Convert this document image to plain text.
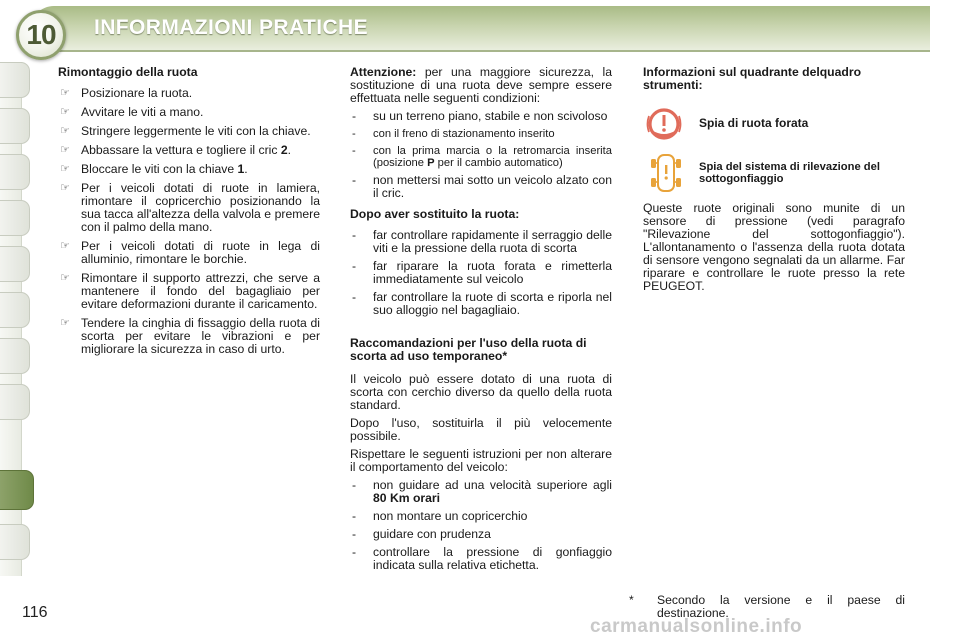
10	INFORMAZIONI PRATICHE
Rimontaggio della ruota
☞ Posizionare la ruota.
☞ Avvitare le viti a mano.
☞ Stringere leggermente le viti con la chiave.
☞ Abbassare la vettura e togliere il cric 2.
☞ Bloccare le viti con la chiave 1.
☞ Per i veicoli dotati di ruote in lamiera, rimontare il copricerchio posizionando la sua tacca all'altezza della valvola e premere con il palmo della mano.
☞ Per i veicoli dotati di ruote in lega di alluminio, rimontare le borchie.
☞ Rimontare il supporto attrezzi, che serve a mantenere il fondo del bagagliaio per evitare deformazioni durante il caricamento.
☞ Tendere la cinghia di fissaggio della ruota di scorta per evitare le vibrazioni e per migliorare la sicurezza in caso di urto.

Attenzione: per una maggiore sicurezza, la sostituzione di una ruota deve sempre essere effettuata nelle seguenti condizioni:

- su un terreno piano, stabile e non scivoloso
- con il freno di stazionamento inserito
- con la prima marcia o la retromarcia inserita (posizione P per il cambio automatico)
- non mettersi mai sotto un veicolo alzato con il cric.
Dopo aver sostituito la ruota:
- far controllare rapidamente il serraggio delle viti e la pressione della ruota di scorta
- far riparare la ruota forata e rimetterla immediatamente sul veicolo
- far controllare la ruote di scorta e riporla nel suo alloggio nel bagagliaio.
Raccomandazioni per l'uso della ruota di scorta ad uso temporaneo*

Il veicolo può essere dotato di una ruota di scorta con cerchio diverso da quello della ruota standard.

Dopo l'uso, sostituirla il più velocemente possibile.

Rispettare le seguenti istruzioni per non alterare il comportamento del veicolo:

- non guidare ad una velocità superiore agli 80 Km orari
- non montare un copricerchio
- guidare con prudenza
- controllare la pressione di gonfiaggio indicata sulla relativa etichetta.
Informazioni sul quadrante delquadro strumenti:
Spia di ruota forata
Spia del sistema di rilevazione del sottogonfiaggio

Queste ruote originali sono munite di un sensore di pressione (vedi paragrafo "Rilevazione del sottogonfiaggio"). L'allontanamento o l'assenza della ruota dotata di sensore vengono segnalati da un allarme. Far riparare e controllare le ruote presso la rete PEUGEOT.

* Secondo la versione e il paese di destinazione.
116
carmanualsonline.info
